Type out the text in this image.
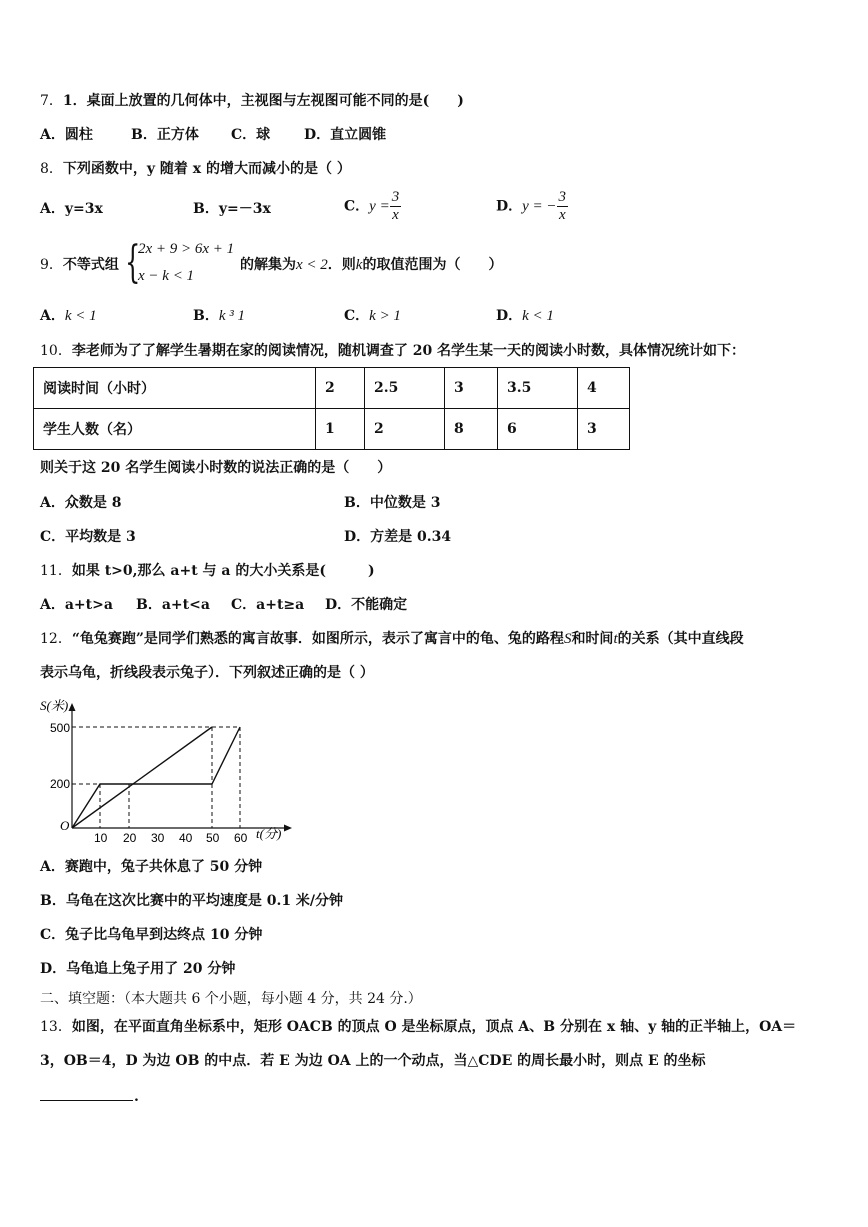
7．1．桌面上放置的几何体中，主视图与左视图可能不同的是(　　)
A．圆柱	B．正方体 C．球 D．直立圆锥
8．下列函数中，y 随着 x 的增大而减小的是（ ）
A．y=3x	B．y=－3x	C．$y = \frac{3}{x}$	D．y = − $\frac{3}{x}$
9．不等式组 {
2x + 9 > 6x + 1
x − k < 1
的解集为x < 2．则k的取值范围为（　　）
A．k < 1	B．k ³ 1	C．k > 1	D．k < 1
10．李老师为了了解学生暑期在家的阅读情况，随机调查了 20 名学生某一天的阅读小时数，具体情况统计如下：
阅读时间（小时）	2	2.5	3	3.5	4
学生人数（名）	1	2	8	6	3
则关于这 20 名学生阅读小时数的说法正确的是（　　）
A．众数是 8	B．中位数是 3
C．平均数是 3	D．方差是 0.34
11．如果 t>0,那么 a+t 与 a 的大小关系是(　　　)
A．a+t>a B．a+t<a C．a+t≥a D．不能确定
12．“龟兔赛跑”是同学们熟悉的寓言故事．如图所示，表示了寓言中的龟、兔的路程S和时间t的关系（其中直线段
表示乌龟，折线段表示兔子）．下列叙述正确的是（ ）
S(米)
500
200
O
10 20 30 40 50 60 t(分)
A．赛跑中，兔子共休息了 50 分钟
B．乌龟在这次比赛中的平均速度是 0.1 米/分钟
C．兔子比乌龟早到达终点 10 分钟
D．乌龟追上兔子用了 20 分钟
二、填空题：（本大题共 6 个小题，每小题 4 分，共 24 分.）
13．如图，在平面直角坐标系中，矩形 OACB 的顶点 O 是坐标原点，顶点 A、B 分别在 x 轴、y 轴的正半轴上，OA＝
3，OB＝4，D 为边 OB 的中点．若 E 为边 OA 上的一个动点，当△CDE 的周长最小时，则点 E 的坐标
.
